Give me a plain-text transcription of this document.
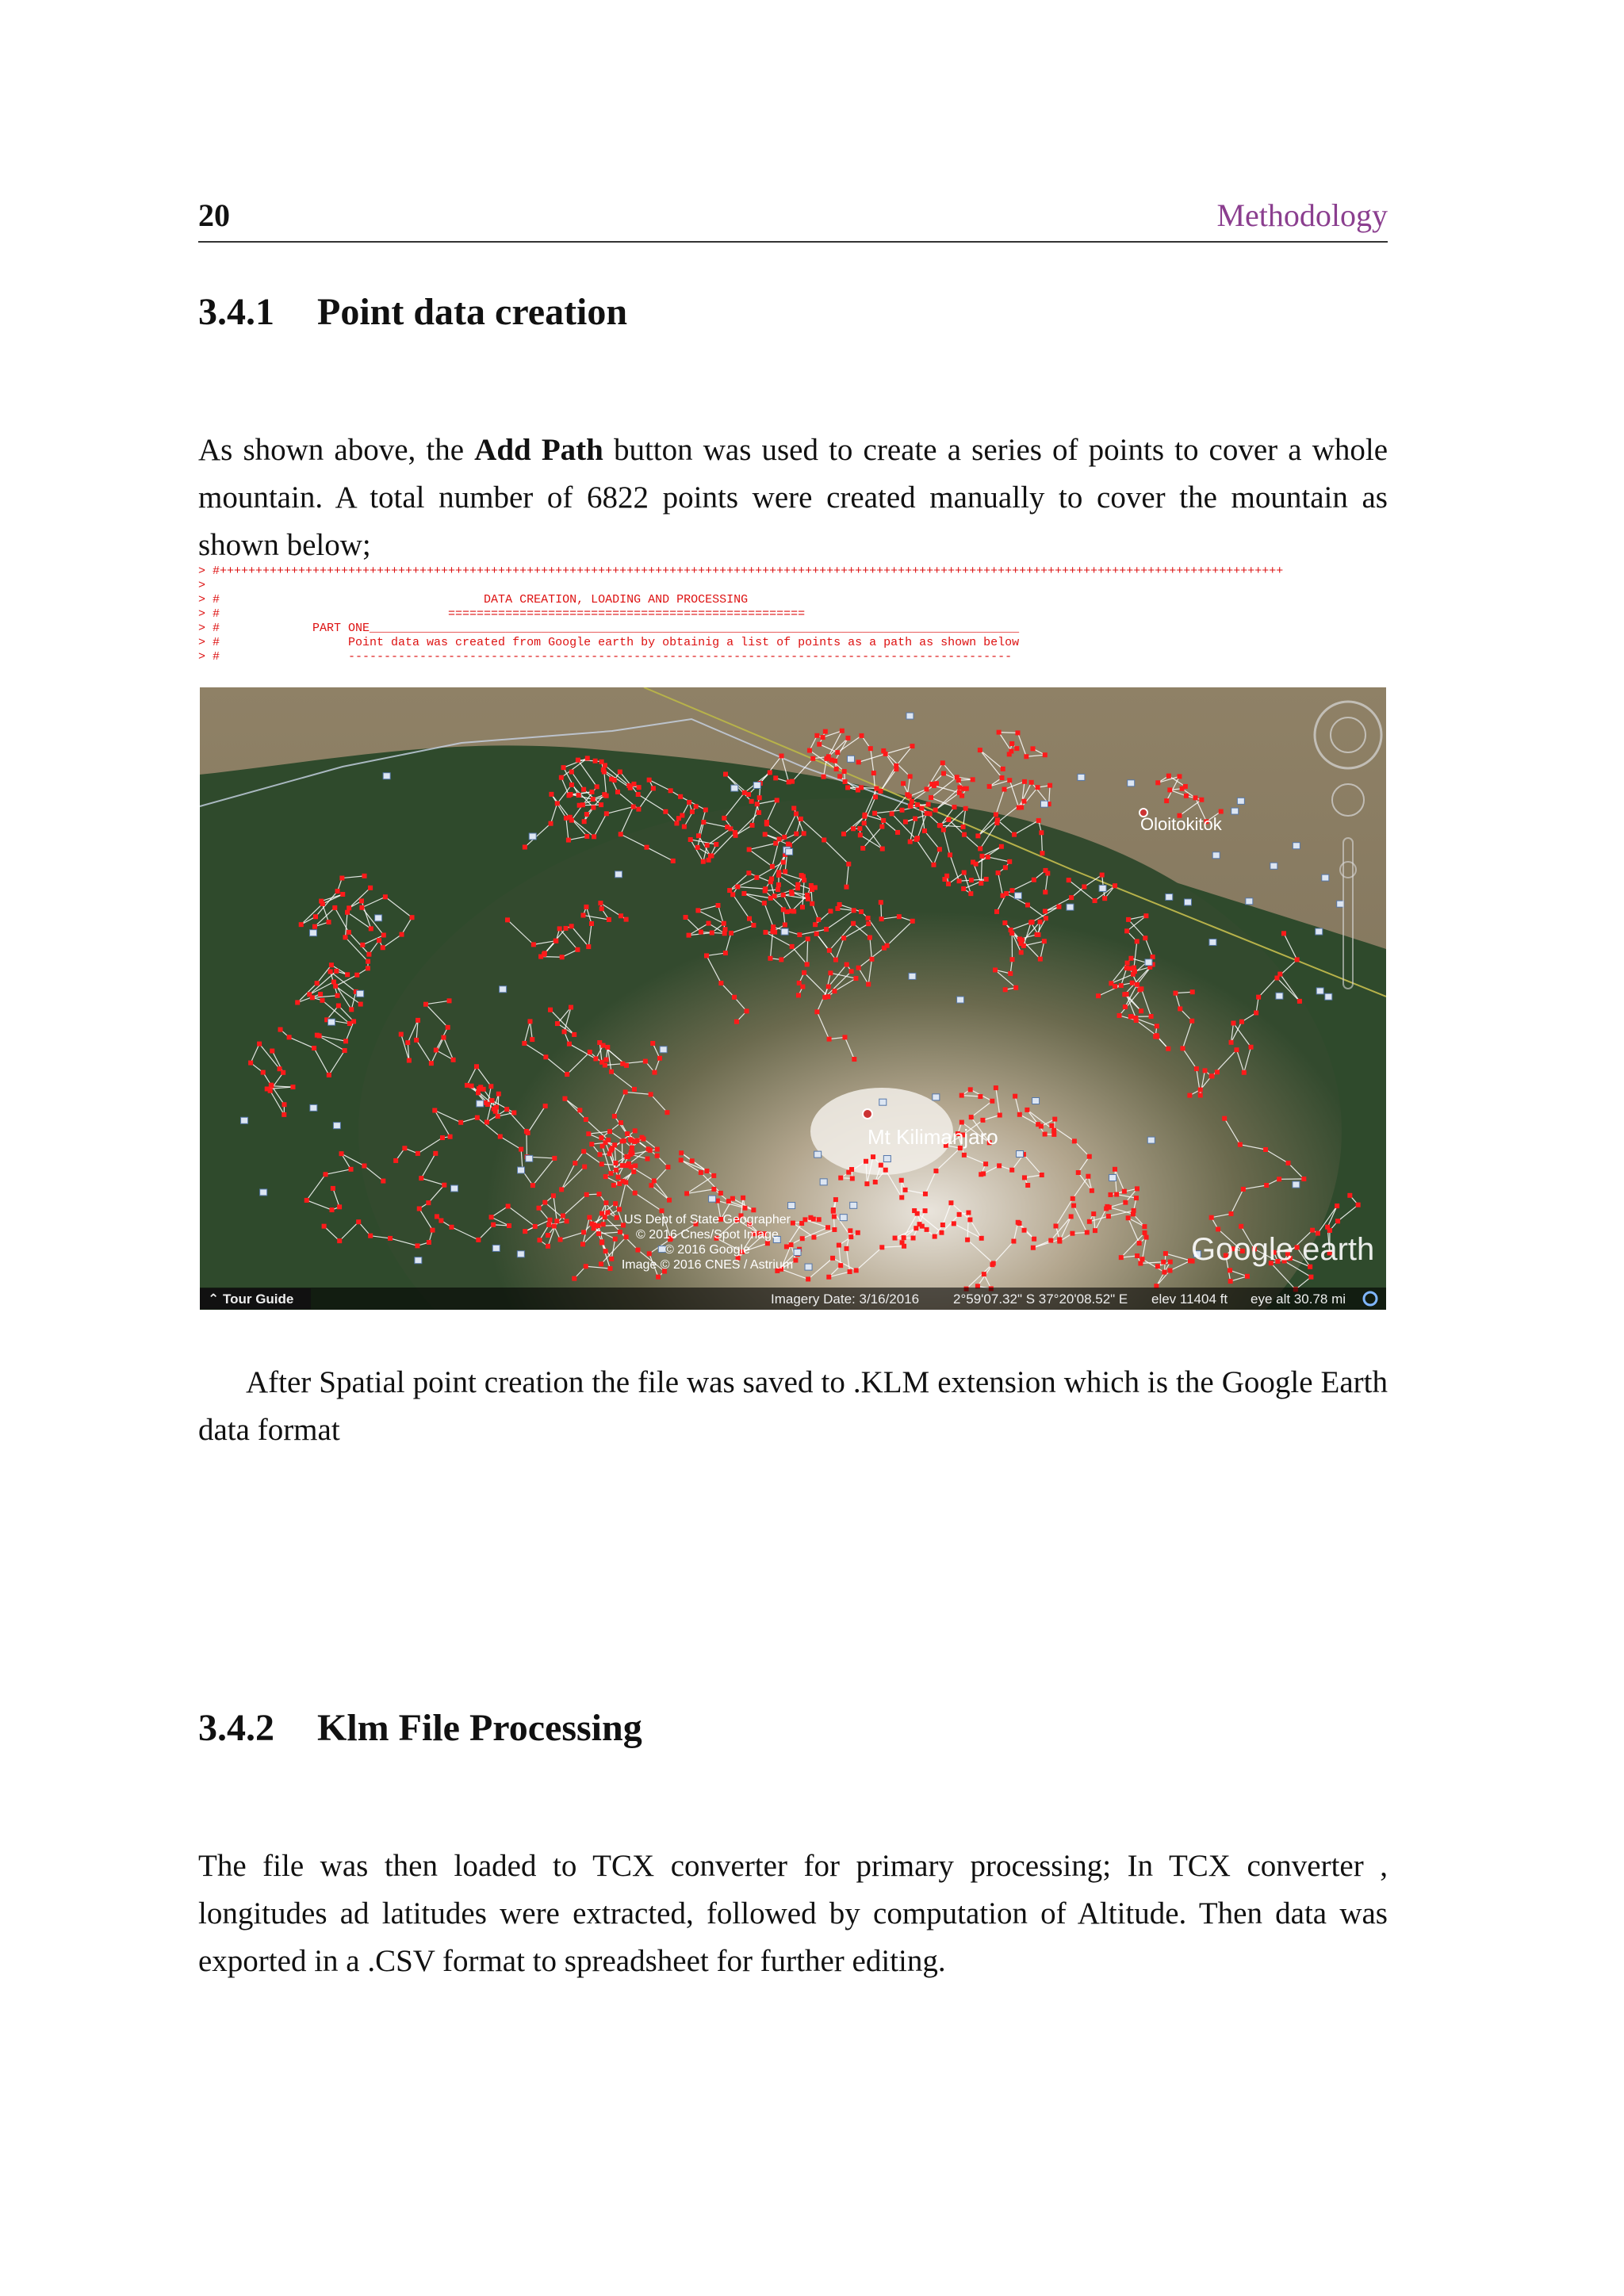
20	Methodology
3.4.1 Point data creation
As shown above, the Add Path button was used to create a series of points to cover a whole mountain. A total number of 6822 points were created manually to cover the mountain as shown below;
> #+++++++++++++++++++++++++++++++++++++++++++++++++++++++++++++++++++++++++++++++++++++++++++++++++++++++++++++++++++++++++++++++++++++++++++++++++++++
>
> #                                     DATA CREATION, LOADING AND PROCESSING
> #                                ==================================================
> #             PART ONE___________________________________________________________________________________________
> #                  Point data was created from Google earth by obtainig a list of points as a path as shown below
> #                  ---------------------------------------------------------------------------------------------
Oloitokitok
Mt Kilimanjaro
US Dept of State Geographer
© 2016 Cnes/Spot Image
© 2016 Google
Image © 2016 CNES / Astrium	Google earth
⌃ Tour Guide	Imagery Date: 3/16/2016	2°59'07.32" S 37°20'08.52" E elev 11404 ft eye alt 30.78 mi
After Spatial point creation the file was saved to .KLM extension which is the Google Earth data format
3.4.2 Klm File Processing
The file was then loaded to TCX converter for primary processing; In TCX converter , longitudes ad latitudes were extracted, followed by computation of Altitude. Then data was exported in a .CSV format to spreadsheet for further editing.
